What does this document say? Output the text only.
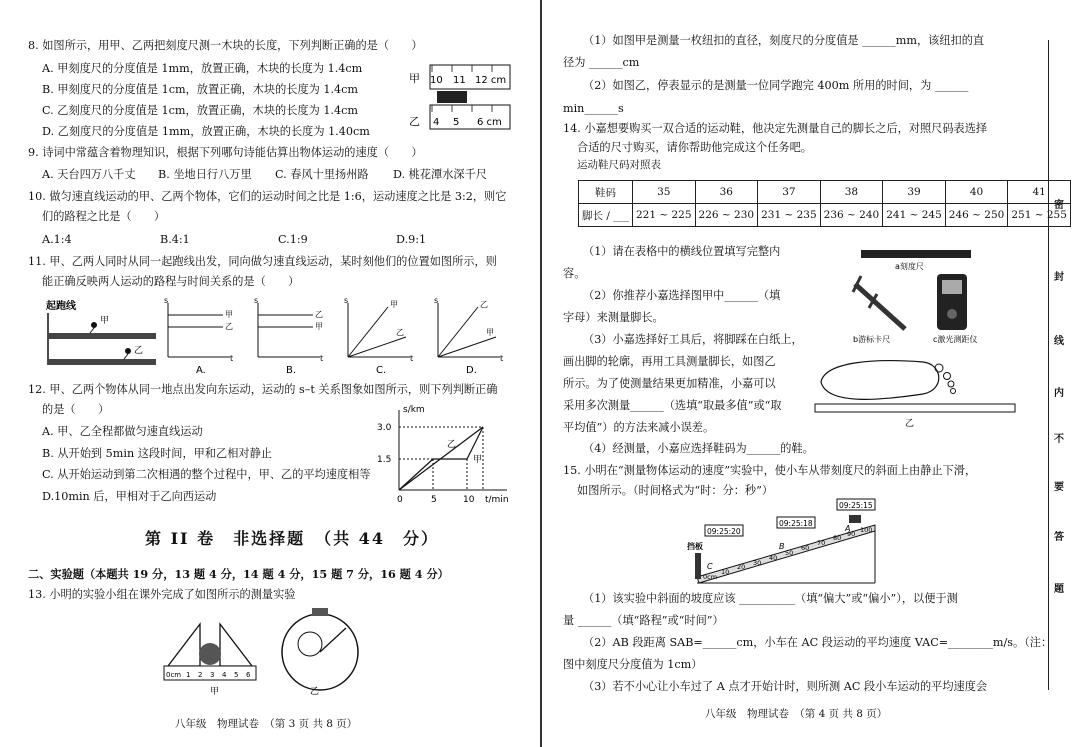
8. 如图所示，用甲、乙两把刻度尺测一木块的长度，下列判断正确的是（　　）
A. 甲刻度尺的分度值是 1mm，放置正确，木块的长度为 1.4cm
B. 甲刻度尺的分度值是 1cm，放置正确，木块的长度为 1.4cm
C. 乙刻度尺的分度值是 1cm，放置正确，木块的长度为 1.4cm
D. 乙刻度尺的分度值是 1mm，放置正确，木块的长度为 1.40cm
甲 10 11 12 cm
乙 4 5 6 cm
9. 诗词中常蕴含着物理知识，根据下列哪句诗能估算出物体运动的速度（　　）
A. 天台四万八千丈 B. 坐地日行八万里 C. 春风十里扬州路 D. 桃花潭水深千尺
10. 做匀速直线运动的甲、乙两个物体，它们的运动时间之比是 1:6，运动速度之比是 3:2，则它
们的路程之比是（　　）
A.1:4	B.4:1	C.1:9	D.9:1
11. 甲、乙两人同时从同一起跑线出发，同向做匀速直线运动，某时刻他们的位置如图所示，则
能正确反映两人运动的路程与时间关系的是（　　）
起跑线
甲
乙
s
t
甲
乙
A.
s
t
乙
甲
B.
s
t
甲
乙
C.
s
t
乙
甲
D.
12. 甲、乙两个物体从同一地点出发向东运动，运动的 s–t 关系图象如图所示，则下列判断正确
的是（　　）
A. 甲、乙全程都做匀速直线运动
B. 从开始到 5min 这段时间，甲和乙相对静止
C. 从开始运动到第二次相遇的整个过程中，甲、乙的平均速度相等
D.10min 后，甲相对于乙向西运动
s/km
t/min
3.0
1.5
0	5	10
乙
甲
第 II 卷　非选择题　（共 44　分）
二、实验题（本题共 19 分，13 题 4 分，14 题 4 分，15 题 7 分，16 题 4 分）
13. 小明的实验小组在课外完成了如图所示的测量实验
0cm 1 2 3 4 5 6
甲	乙
八年级　物理试卷　（第 3 页 共 8 页）
（1）如图甲是测量一枚纽扣的直径，刻度尺的分度值是 ______mm，该纽扣的直
径为 ______cm
（2）如图乙，停表显示的是测量一位同学跑完 400m 所用的时间，为 ______
min______s
14. 小嘉想要购买一双合适的运动鞋，他决定先测量自己的脚长之后，对照尺码表选择
合适的尺寸购买，请你帮助他完成这个任务吧。
运动鞋尺码对照表
鞋码	35	36	37	38	39	40	41
脚长 / ___	221 ~ 225	226 ~ 230	231 ~ 235	236 ~ 240	241 ~ 245	246 ~ 250	251 ~ 255
（1）请在表格中的横线位置填写完整内
容。
（2）你推荐小嘉选择图甲中______（填
字母）来测量脚长。
（3）小嘉选择好工具后，将脚踩在白纸上，
画出脚的轮廓，再用工具测量脚长，如图乙
所示。为了使测量结果更加精准，小嘉可以
采用多次测量______（选填“取最多值”或“取
平均值”）的方法来减小误差。
（4）经测量，小嘉应选择鞋码为______的鞋。
a刻度尺
b游标卡尺	c激光测距仪
乙
15. 小明在“测量物体运动的速度”实验中，使小车从带刻度尺的斜面上由静止下滑，
如图所示。（时间格式为“时：分：秒”）
挡板
09:25:20
09:25:18
09:25:15
C
B
A
0cm
10
20 30
40
50
60
70
80 90 100
（1）该实验中斜面的坡度应该 __________（填“偏大”或“偏小”），以便于测
量 ______（填“路程”或“时间”）
（2）AB 段距离 SAB=______cm，小车在 AC 段运动的平均速度 VAC=________m/s。（注：
图中刻度尺分度值为 1cm）
（3）若不小心让小车过了 A 点才开始计时，则所测 AC 段小车运动的平均速度会
八年级　物理试卷　（第 4 页 共 8 页）
密
封
线
内
不
要
答
题
